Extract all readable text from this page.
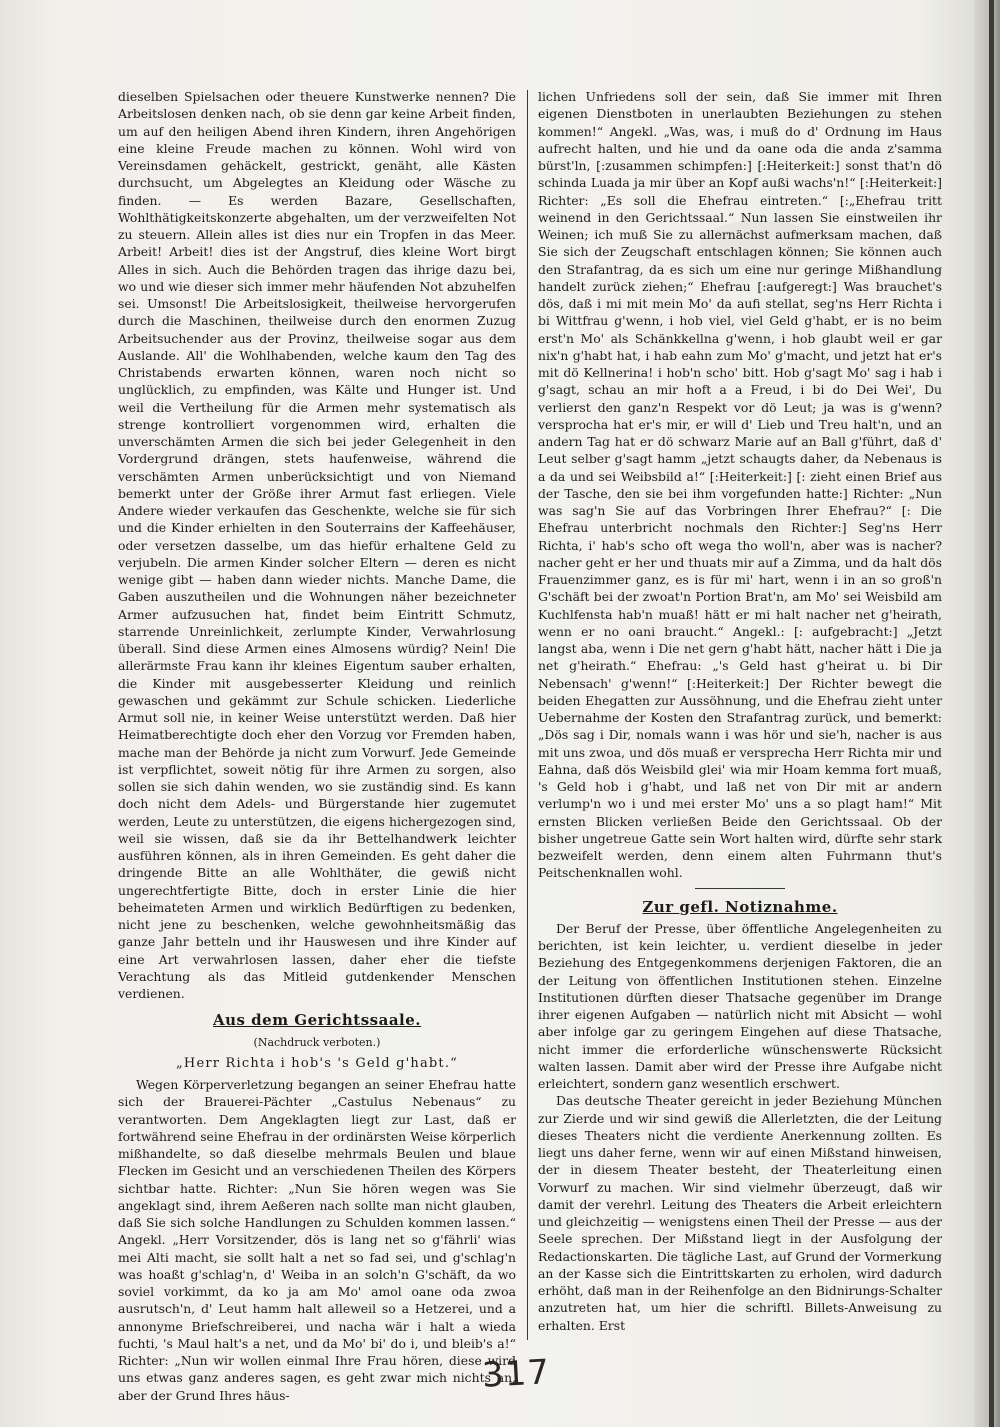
dieselben Spielsachen oder theuere Kunstwerke nennen? Die Arbeitslosen denken nach, ob sie denn gar keine Arbeit finden, um auf den heiligen Abend ihren Kindern, ihren Angehörigen eine kleine Freude machen zu können. Wohl wird von Vereinsdamen gehäckelt, gestrickt, genäht, alle Kästen durchsucht, um Abgelegtes an Kleidung oder Wäsche zu finden. — Es werden Bazare, Gesellschaften, Wohlthätigkeitskonzerte abgehalten, um der verzweifelten Not zu steuern. Allein alles ist dies nur ein Tropfen in das Meer. Arbeit! Arbeit! dies ist der Angstruf, dies kleine Wort birgt Alles in sich. Auch die Behörden tragen das ihrige dazu bei, wo und wie dieser sich immer mehr häufenden Not abzuhelfen sei. Umsonst! Die Arbeitslosigkeit, theilweise hervorgerufen durch die Maschinen, theilweise durch den enormen Zuzug Arbeitsuchender aus der Provinz, theilweise sogar aus dem Auslande. All' die Wohlhabenden, welche kaum den Tag des Christabends erwarten können, waren noch nicht so unglücklich, zu empfinden, was Kälte und Hunger ist. Und weil die Vertheilung für die Armen mehr systematisch als strenge kontrolliert vorgenommen wird, erhalten die unverschämten Armen die sich bei jeder Gelegenheit in den Vordergrund drängen, stets haufenweise, während die verschämten Armen unberücksichtigt und von Niemand bemerkt unter der Größe ihrer Armut fast erliegen. Viele Andere wieder verkaufen das Geschenkte, welche sie für sich und die Kinder erhielten in den Souterrains der Kaffeehäuser, oder versetzen dasselbe, um das hiefür erhaltene Geld zu verjubeln. Die armen Kinder solcher Eltern — deren es nicht wenige gibt — haben dann wieder nichts. Manche Dame, die Gaben auszutheilen und die Wohnungen näher bezeichneter Armer aufzusuchen hat, findet beim Eintritt Schmutz, starrende Unreinlichkeit, zerlumpte Kinder, Verwahrlosung überall. Sind diese Armen eines Almosens würdig? Nein! Die allerärmste Frau kann ihr kleines Eigentum sauber erhalten, die Kinder mit ausgebesserter Kleidung und reinlich gewaschen und gekämmt zur Schule schicken. Liederliche Armut soll nie, in keiner Weise unterstützt werden. Daß hier Heimatberechtigte doch eher den Vorzug vor Fremden haben, mache man der Behörde ja nicht zum Vorwurf. Jede Gemeinde ist verpflichtet, soweit nötig für ihre Armen zu sorgen, also sollen sie sich dahin wenden, wo sie zuständig sind. Es kann doch nicht dem Adels- und Bürgerstande hier zugemutet werden, Leute zu unterstützen, die eigens hichergezogen sind, weil sie wissen, daß sie da ihr Bettelhandwerk leichter ausführen können, als in ihren Gemeinden. Es geht daher die dringende Bitte an alle Wohlthäter, die gewiß nicht ungerechtfertigte Bitte, doch in erster Linie die hier beheimateten Armen und wirklich Bedürftigen zu bedenken, nicht jene zu beschenken, welche gewohnheitsmäßig das ganze Jahr betteln und ihr Hauswesen und ihre Kinder auf eine Art verwahrlosen lassen, daher eher die tiefste Verachtung als das Mitleid gutdenkender Menschen verdienen.

Aus dem Gerichtssaale.
(Nachdruck verboten.)
„Herr Richta i hob's 's Geld g'habt.“

Wegen Körperverletzung begangen an seiner Ehefrau hatte sich der Brauerei-Pächter „Castulus Nebenaus“ zu verantworten. Dem Angeklagten liegt zur Last, daß er fortwährend seine Ehefrau in der ordinärsten Weise körperlich mißhandelte, so daß dieselbe mehrmals Beulen und blaue Flecken im Gesicht und an verschiedenen Theilen des Körpers sichtbar hatte. Richter: „Nun Sie hören wegen was Sie angeklagt sind, ihrem Aeßeren nach sollte man nicht glauben, daß Sie sich solche Handlungen zu Schulden kommen lassen.“ Angekl. „Herr Vorsitzender, dös is lang net so g'fährli' wias mei Alti macht, sie sollt halt a net so fad sei, und g'schlag'n was hoaßt g'schlag'n, d' Weiba in an solch'n G'schäft, da wo soviel vorkimmt, da ko ja am Mo' amol oane oda zwoa ausrutsch'n, d' Leut hamm halt alleweil so a Hetzerei, und a annonyme Briefschreiberei, und nacha wär i halt a wieda fuchti, 's Maul halt's a net, und da Mo' bi' do i, und bleib's a!“ Richter: „Nun wir wollen einmal Ihre Frau hören, diese wird uns etwas ganz anderes sagen, es geht zwar mich nichts an, aber der Grund Ihres häus-

lichen Unfriedens soll der sein, daß Sie immer mit Ihren eigenen Dienstboten in unerlaubten Beziehungen zu stehen kommen!“ Angekl. „Was, was, i muß do d' Ordnung im Haus aufrecht halten, und hie und da oane oda die anda z'samma bürst'ln, [:zusammen schimpfen:] [:Heiterkeit:] sonst that'n dö schinda Luada ja mir über an Kopf außi wachs'n!“ [:Heiterkeit:] Richter: „Es soll die Ehefrau eintreten.“ [:„Ehefrau tritt weinend in den Gerichtssaal.“ Nun lassen Sie einstweilen ihr Weinen; ich muß Sie zu allernächst aufmerksam machen, daß Sie sich der Zeugschaft entschlagen können; Sie können auch den Strafantrag, da es sich um eine nur geringe Mißhandlung handelt zurück ziehen;“ Ehefrau [:aufgeregt:] Was brauchet's dös, daß i mi mit mein Mo' da aufi stellat, seg'ns Herr Richta i bi Wittfrau g'wenn, i hob viel, viel Geld g'habt, er is no beim erst'n Mo' als Schänkkellna g'wenn, i hob glaubt weil er gar nix'n g'habt hat, i hab eahn zum Mo' g'macht, und jetzt hat er's mit dö Kellnerina! i hob'n scho' bitt. Hob g'sagt Mo' sag i hab i g'sagt, schau an mir hoft a a Freud, i bi do Dei Wei', Du verlierst den ganz'n Respekt vor dö Leut; ja was is g'wenn? versprocha hat er's mir, er will d' Lieb und Treu halt'n, und an andern Tag hat er dö schwarz Marie auf an Ball g'führt, daß d' Leut selber g'sagt hamm „jetzt schaugts daher, da Nebenaus is a da und sei Weibsbild a!“ [:Heiterkeit:] [: zieht einen Brief aus der Tasche, den sie bei ihm vorgefunden hatte:] Richter: „Nun was sag'n Sie auf das Vorbringen Ihrer Ehefrau?“ [: Die Ehefrau unterbricht nochmals den Richter:] Seg'ns Herr Richta, i' hab's scho oft wega tho woll'n, aber was is nacher? nacher geht er her und thuats mir auf a Zimma, und da halt dös Frauenzimmer ganz, es is für mi' hart, wenn i in an so groß'n G'schäft bei der zwoat'n Portion Brat'n, am Mo' sei Weisbild am Kuchlfensta hab'n muaß! hätt er mi halt nacher net g'heirath, wenn er no oani braucht.“ Angekl.: [: aufgebracht:] „Jetzt langst aba, wenn i Die net gern g'habt hätt, nacher hätt i Die ja net g'heirath.“ Ehefrau: „'s Geld hast g'heirat u. bi Dir Nebensach' g'wenn!“ [:Heiterkeit:] Der Richter bewegt die beiden Ehegatten zur Aussöhnung, und die Ehefrau zieht unter Uebernahme der Kosten den Strafantrag zurück, und bemerkt: „Dös sag i Dir, nomals wann i was hör und sie'h, nacher is aus mit uns zwoa, und dös muaß er versprecha Herr Richta mir und Eahna, daß dös Weisbild glei' wia mir Hoam kemma fort muaß, 's Geld hob i g'habt, und laß net von Dir mit ar andern verlump'n wo i und mei erster Mo' uns a so plagt ham!“ Mit ernsten Blicken verließen Beide den Gerichtssaal. Ob der bisher ungetreue Gatte sein Wort halten wird, dürfte sehr stark bezweifelt werden, denn einem alten Fuhrmann thut's Peitschenknallen wohl.

Zur gefl. Notiznahme.

Der Beruf der Presse, über öffentliche Angelegenheiten zu berichten, ist kein leichter, u. verdient dieselbe in jeder Beziehung des Entgegenkommens derjenigen Faktoren, die an der Leitung von öffentlichen Institutionen stehen. Einzelne Institutionen dürften dieser Thatsache gegenüber im Drange ihrer eigenen Aufgaben — natürlich nicht mit Absicht — wohl aber infolge gar zu geringem Eingehen auf diese Thatsache, nicht immer die erforderliche wünschenswerte Rücksicht walten lassen. Damit aber wird der Presse ihre Aufgabe nicht erleichtert, sondern ganz wesentlich erschwert.

Das deutsche Theater gereicht in jeder Beziehung München zur Zierde und wir sind gewiß die Allerletzten, die der Leitung dieses Theaters nicht die verdiente Anerkennung zollten. Es liegt uns daher ferne, wenn wir auf einen Mißstand hinweisen, der in diesem Theater besteht, der Theaterleitung einen Vorwurf zu machen. Wir sind vielmehr überzeugt, daß wir damit der verehrl. Leitung des Theaters die Arbeit erleichtern und gleichzeitig — wenigstens einen Theil der Presse — aus der Seele sprechen. Der Mißstand liegt in der Ausfolgung der Redactionskarten. Die tägliche Last, auf Grund der Vormerkung an der Kasse sich die Eintrittskarten zu erholen, wird dadurch erhöht, daß man in der Reihenfolge an den Bidnirungs-Schalter anzutreten hat, um hier die schriftl. Billets-Anweisung zu erhalten. Erst

317
